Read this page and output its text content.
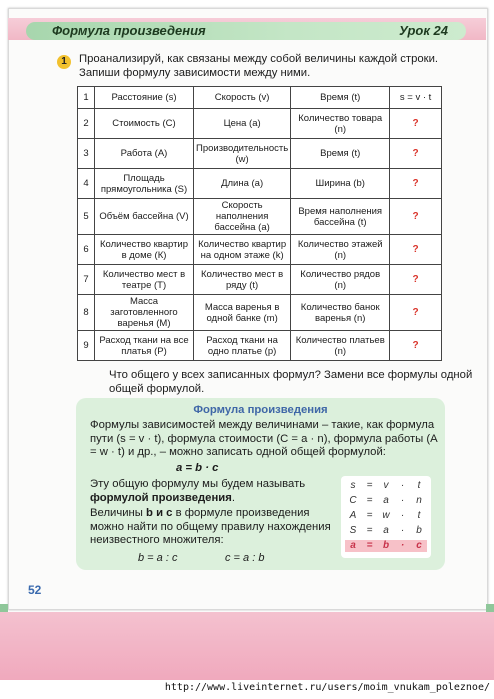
Формула произведения	Урок 24
1	Проанализируй, как связаны между собой величины каждой строки. Запиши формулу зависимости между ними.
1	Расстояние (s)	Скорость (v)	Время (t)	s = v · t
2	Стоимость (С)	Цена (а)	Количество товара (n)	?
3	Работа (А)	Производительность (w)	Время (t)	?
4	Площадь прямоугольника (S)	Длина (а)	Ширина (b)	?
5	Объём бассейна (V)	Скорость наполнения бассейна (а)	Время наполнения бассейна (t)	?
6	Количество квартир в доме (К)	Количество квартир на одном этаже (k)	Количество этажей (n)	?
7	Количество мест в театре (Т)	Количество мест в ряду (t)	Количество рядов (n)	?
8	Масса заготовленного варенья (М)	Масса варенья в одной банке (m)	Количество банок варенья (n)	?
9	Расход ткани на все платья (Р)	Расход ткани на одно платье (р)	Количество платьев (n)	?
Что общего у всех записанных формул? Замени все формулы одной общей формулой.
Формула произведения
Формулы зависимостей между величинами – такие, как формула пути (s = v · t), формула стоимости (С = а · n), формула работы (А = w · t) и др., – можно записать одной общей формулой:
a = b · c
Эту общую формулу мы будем называть формулой произведения.
Величины b и с в формуле произведения можно найти по общему правилу нахождения неизвестного множителя:
b = a : c	c = a : b
s	=	v	·	t
C =	a	·	n
A	= w	·	t
S	=	a	·	b
a	=	b	·	c
52
http://www.liveinternet.ru/users/moim_vnukam_poleznoe/
